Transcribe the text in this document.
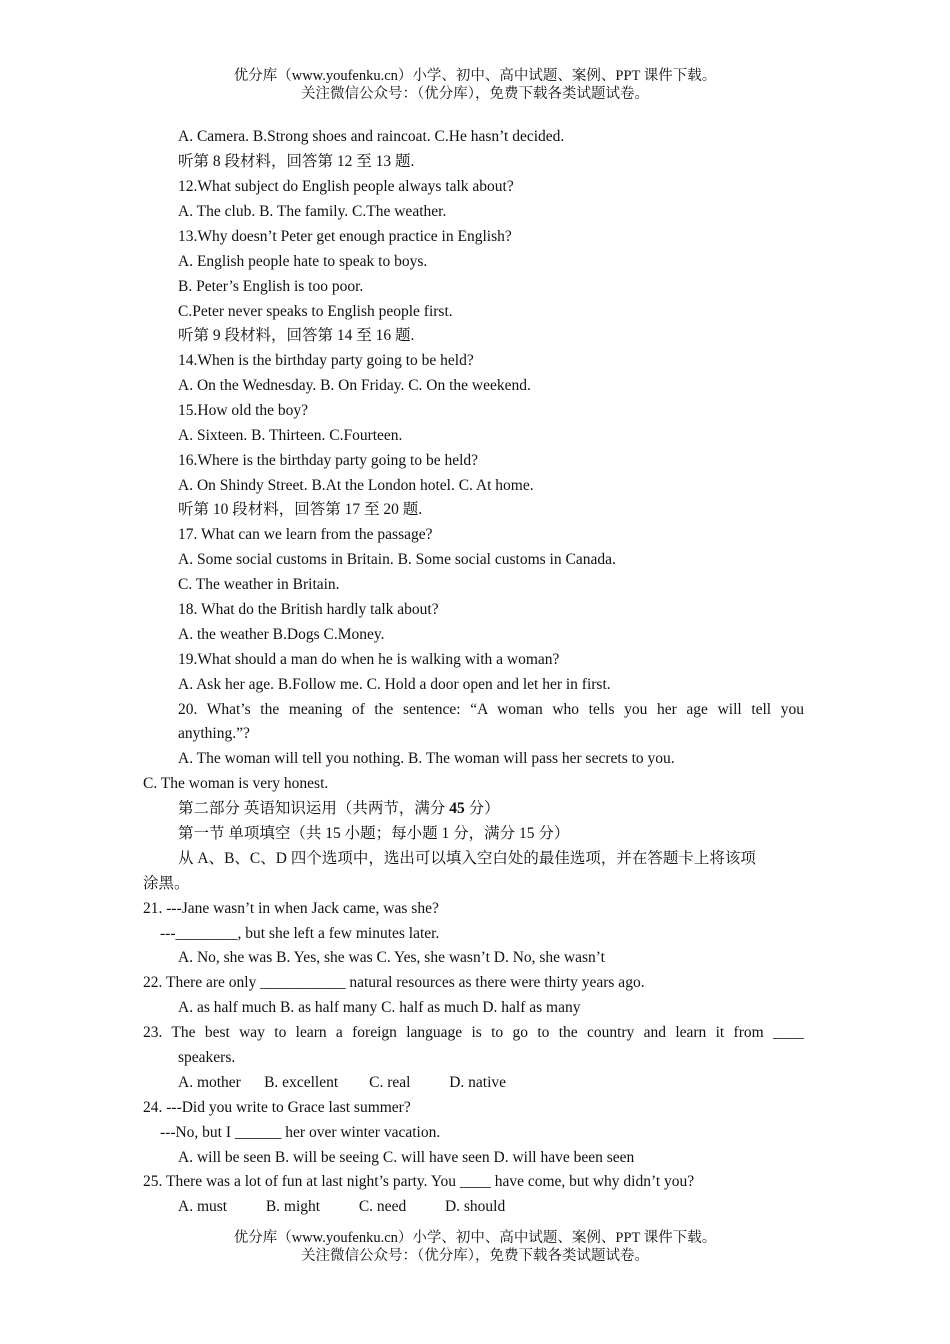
优分库（www.youfenku.cn）小学、初中、高中试题、案例、PPT 课件下载。
关注微信公众号：（优分库），免费下载各类试题试卷。
A. Camera. B.Strong shoes and raincoat. C.He hasn’t decided.
听第 8 段材料，回答第 12 至 13 题.
12.What subject do English people always talk about?
A. The club. B. The family. C.The weather.
13.Why doesn’t Peter get enough practice in English?
A. English people hate to speak to boys.
B. Peter’s English is too poor.
C.Peter never speaks to English people first.
听第 9 段材料，回答第 14 至 16 题.
14.When is the birthday party going to be held?
A. On the Wednesday. B. On Friday. C. On the weekend.
15.How old the boy?
A. Sixteen. B. Thirteen. C.Fourteen.
16.Where is the birthday party going to be held?
A. On Shindy Street. B.At the London hotel. C. At home.
听第 10 段材料，回答第 17 至 20 题.
17. What can we learn from the passage?
A. Some social customs in Britain. B. Some social customs in Canada.
C. The weather in Britain.
18. What do the British hardly talk about?
A. the weather B.Dogs C.Money.
19.What should a man do when he is walking with a woman?
A. Ask her age. B.Follow me. C. Hold a door open and let her in first.
20. What’s the meaning of the sentence: “A woman who tells you her age will tell you
anything.”?
A. The woman will tell you nothing. B. The woman will pass her secrets to you.
C. The woman is very honest.
第二部分 英语知识运用（共两节，满分 45 分）
第一节 单项填空（共 15 小题；每小题 1 分，满分 15 分）
从 A、B、C、D 四个选项中，选出可以填入空白处的最佳选项，并在答题卡上将该项
涂黑。
21. ---Jane wasn’t in when Jack came, was she?
---________, but she left a few minutes later.
A. No, she was B. Yes, she was C. Yes, she wasn’t D. No, she wasn’t
22. There are only ___________ natural resources as there were thirty years ago.
A. as half much B. as half many C. half as much D. half as many
23. The best way to learn a foreign language is to go to the country and learn it from ____
speakers.
A. mother      B. excellent        C. real          D. native
24. ---Did you write to Grace last summer?
---No, but I ______ her over winter vacation.
A. will be seen B. will be seeing C. will have seen D. will have been seen
25. There was a lot of fun at last night’s party. You ____ have come, but why didn’t you?
A. must          B. might          C. need          D. should
优分库（www.youfenku.cn）小学、初中、高中试题、案例、PPT 课件下载。
关注微信公众号：（优分库），免费下载各类试题试卷。
